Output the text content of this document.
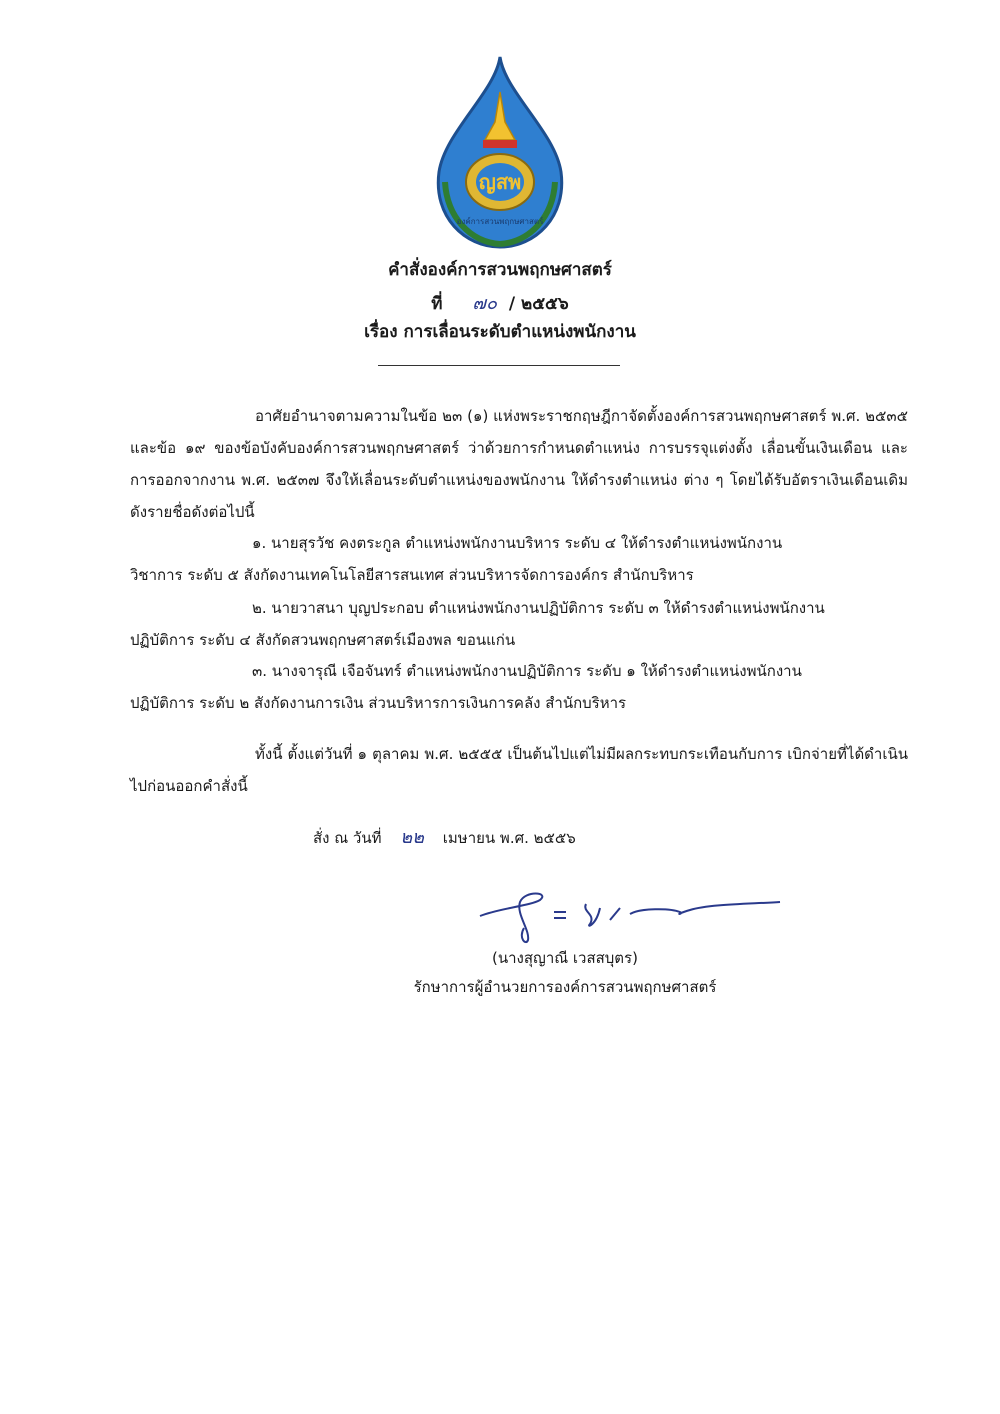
ญสพ
องค์การสวนพฤกษศาสตร์
คำสั่งองค์การสวนพฤกษศาสตร์
ที่ ๗๐ / ๒๕๕๖
เรื่อง การเลื่อนระดับตำแหน่งพนักงาน
อาศัยอำนาจตามความในข้อ ๒๓ (๑) แห่งพระราชกฤษฎีกาจัดตั้งองค์การสวนพฤกษศาสตร์ พ.ศ. ๒๕๓๕ และข้อ ๑๙ ของข้อบังคับองค์การสวนพฤกษศาสตร์ ว่าด้วยการกำหนดตำแหน่ง การบรรจุแต่งตั้ง เลื่อนขั้นเงินเดือน และการออกจากงาน พ.ศ. ๒๕๓๗ จึงให้เลื่อนระดับตำแหน่งของพนักงาน ให้ดำรงตำแหน่ง ต่าง ๆ โดยได้รับอัตราเงินเดือนเดิม ดังรายชื่อดังต่อไปนี้
๑. นายสุรวัช คงตระกูล ตำแหน่งพนักงานบริหาร ระดับ ๔ ให้ดำรงตำแหน่งพนักงาน
วิชาการ ระดับ ๕ สังกัดงานเทคโนโลยีสารสนเทศ ส่วนบริหารจัดการองค์กร สำนักบริหาร
๒. นายวาสนา บุญประกอบ ตำแหน่งพนักงานปฏิบัติการ ระดับ ๓ ให้ดำรงตำแหน่งพนักงาน
ปฏิบัติการ ระดับ ๔ สังกัดสวนพฤกษศาสตร์เมืองพล ขอนแก่น
๓. นางจารุณี เจือจันทร์ ตำแหน่งพนักงานปฏิบัติการ ระดับ ๑ ให้ดำรงตำแหน่งพนักงาน
ปฏิบัติการ ระดับ ๒ สังกัดงานการเงิน ส่วนบริหารการเงินการคลัง สำนักบริหาร
ทั้งนี้ ตั้งแต่วันที่ ๑ ตุลาคม พ.ศ. ๒๕๕๕ เป็นต้นไปแต่ไม่มีผลกระทบกระเทือนกับการ เบิกจ่ายที่ได้ดำเนินไปก่อนออกคำสั่งนี้
สั่ง ณ วันที่ ๒๒ เมษายน พ.ศ. ๒๕๕๖
(นางสุญาณี เวสสบุตร)
รักษาการผู้อำนวยการองค์การสวนพฤกษศาสตร์
